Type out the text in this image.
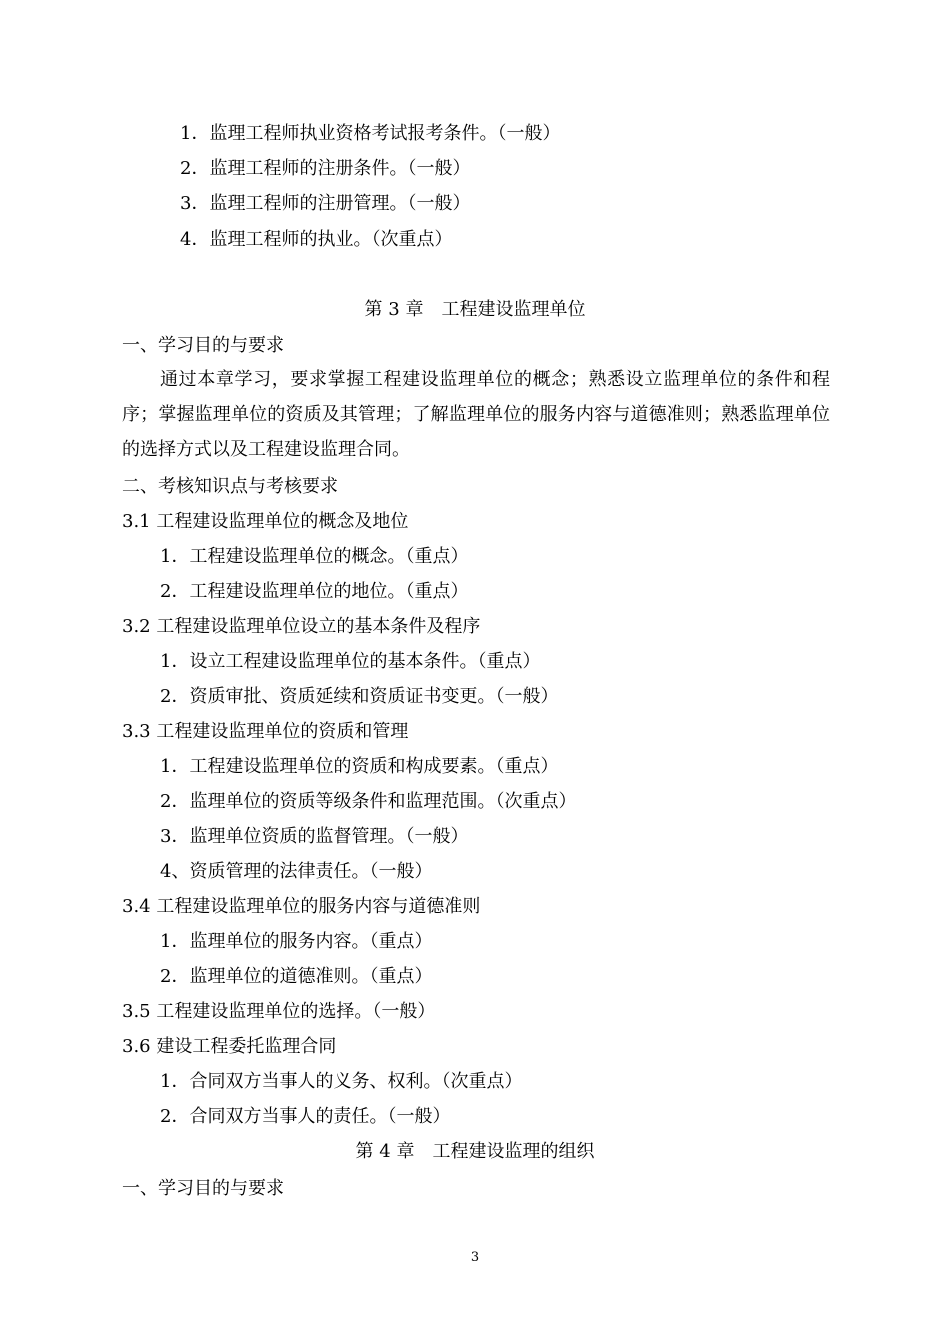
1．监理工程师执业资格考试报考条件。（一般）
2．监理工程师的注册条件。（一般）
3．监理工程师的注册管理。（一般）
4．监理工程师的执业。（次重点）
第 3 章　工程建设监理单位
一、学习目的与要求
通过本章学习，要求掌握工程建设监理单位的概念；熟悉设立监理单位的条件和程序；掌握监理单位的资质及其管理；了解监理单位的服务内容与道德准则；熟悉监理单位的选择方式以及工程建设监理合同。
二、考核知识点与考核要求
3.1 工程建设监理单位的概念及地位
1．工程建设监理单位的概念。（重点）
2．工程建设监理单位的地位。（重点）
3.2 工程建设监理单位设立的基本条件及程序
1．设立工程建设监理单位的基本条件。（重点）
2．资质审批、资质延续和资质证书变更。（一般）
3.3 工程建设监理单位的资质和管理
1．工程建设监理单位的资质和构成要素。（重点）
2．监理单位的资质等级条件和监理范围。（次重点）
3．监理单位资质的监督管理。（一般）
4、资质管理的法律责任。（一般）
3.4 工程建设监理单位的服务内容与道德准则
1．监理单位的服务内容。（重点）
2．监理单位的道德准则。（重点）
3.5 工程建设监理单位的选择。（一般）
3.6 建设工程委托监理合同
1．合同双方当事人的义务、权利。（次重点）
2．合同双方当事人的责任。（一般）
第 4 章　工程建设监理的组织
一、学习目的与要求
3
